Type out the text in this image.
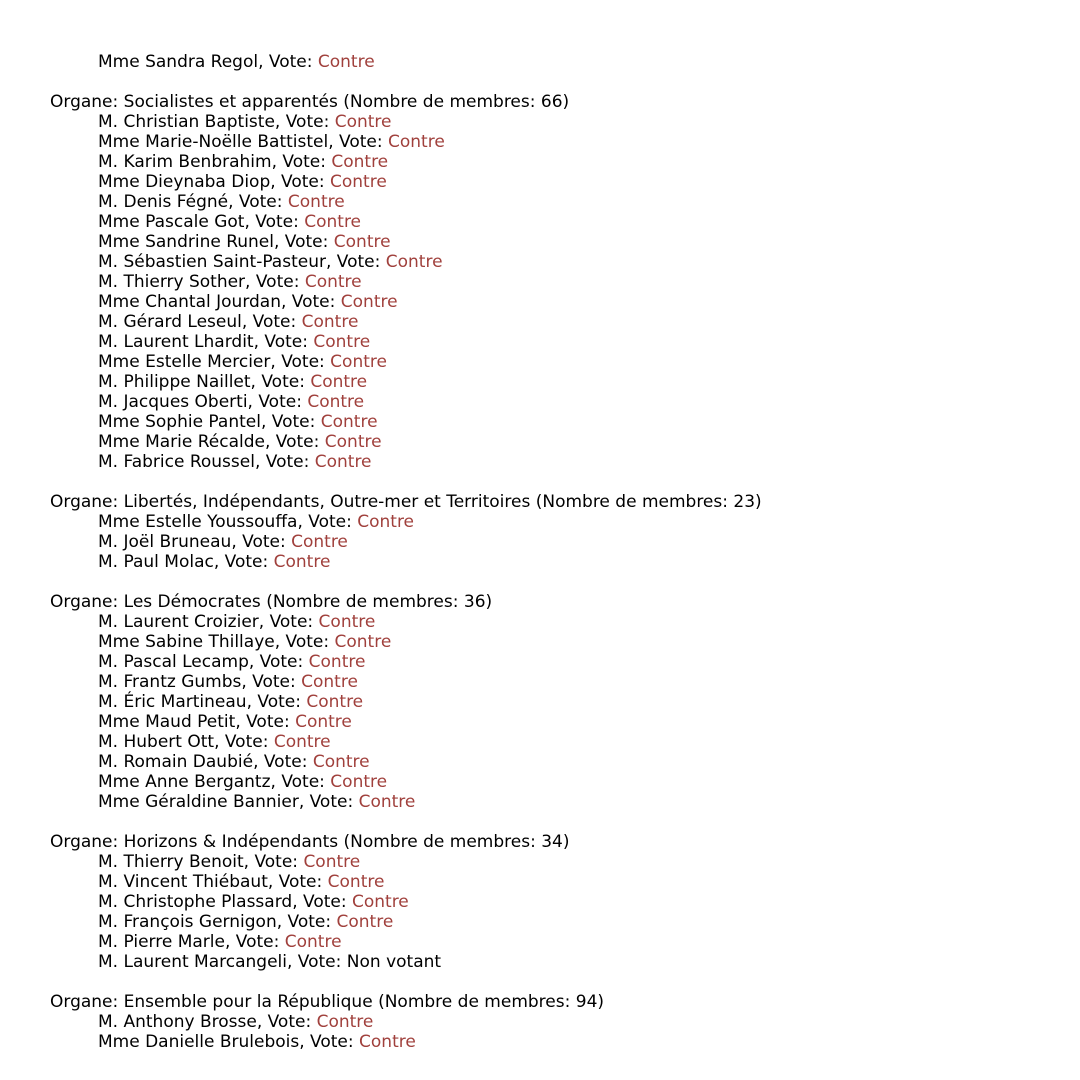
Mme Sandra Regol, Vote: Contre
Organe: Socialistes et apparentés (Nombre de membres: 66)
M. Christian Baptiste, Vote: Contre
Mme Marie-Noëlle Battistel, Vote: Contre
M. Karim Benbrahim, Vote: Contre
Mme Dieynaba Diop, Vote: Contre
M. Denis Fégné, Vote: Contre
Mme Pascale Got, Vote: Contre
Mme Sandrine Runel, Vote: Contre
M. Sébastien Saint-Pasteur, Vote: Contre
M. Thierry Sother, Vote: Contre
Mme Chantal Jourdan, Vote: Contre
M. Gérard Leseul, Vote: Contre
M. Laurent Lhardit, Vote: Contre
Mme Estelle Mercier, Vote: Contre
M. Philippe Naillet, Vote: Contre
M. Jacques Oberti, Vote: Contre
Mme Sophie Pantel, Vote: Contre
Mme Marie Récalde, Vote: Contre
M. Fabrice Roussel, Vote: Contre
Organe: Libertés, Indépendants, Outre-mer et Territoires (Nombre de membres: 23)
Mme Estelle Youssouffa, Vote: Contre
M. Joël Bruneau, Vote: Contre
M. Paul Molac, Vote: Contre
Organe: Les Démocrates (Nombre de membres: 36)
M. Laurent Croizier, Vote: Contre
Mme Sabine Thillaye, Vote: Contre
M. Pascal Lecamp, Vote: Contre
M. Frantz Gumbs, Vote: Contre
M. Éric Martineau, Vote: Contre
Mme Maud Petit, Vote: Contre
M. Hubert Ott, Vote: Contre
M. Romain Daubié, Vote: Contre
Mme Anne Bergantz, Vote: Contre
Mme Géraldine Bannier, Vote: Contre
Organe: Horizons & Indépendants (Nombre de membres: 34)
M. Thierry Benoit, Vote: Contre
M. Vincent Thiébaut, Vote: Contre
M. Christophe Plassard, Vote: Contre
M. François Gernigon, Vote: Contre
M. Pierre Marle, Vote: Contre
M. Laurent Marcangeli, Vote: Non votant
Organe: Ensemble pour la République (Nombre de membres: 94)
M. Anthony Brosse, Vote: Contre
Mme Danielle Brulebois, Vote: Contre
